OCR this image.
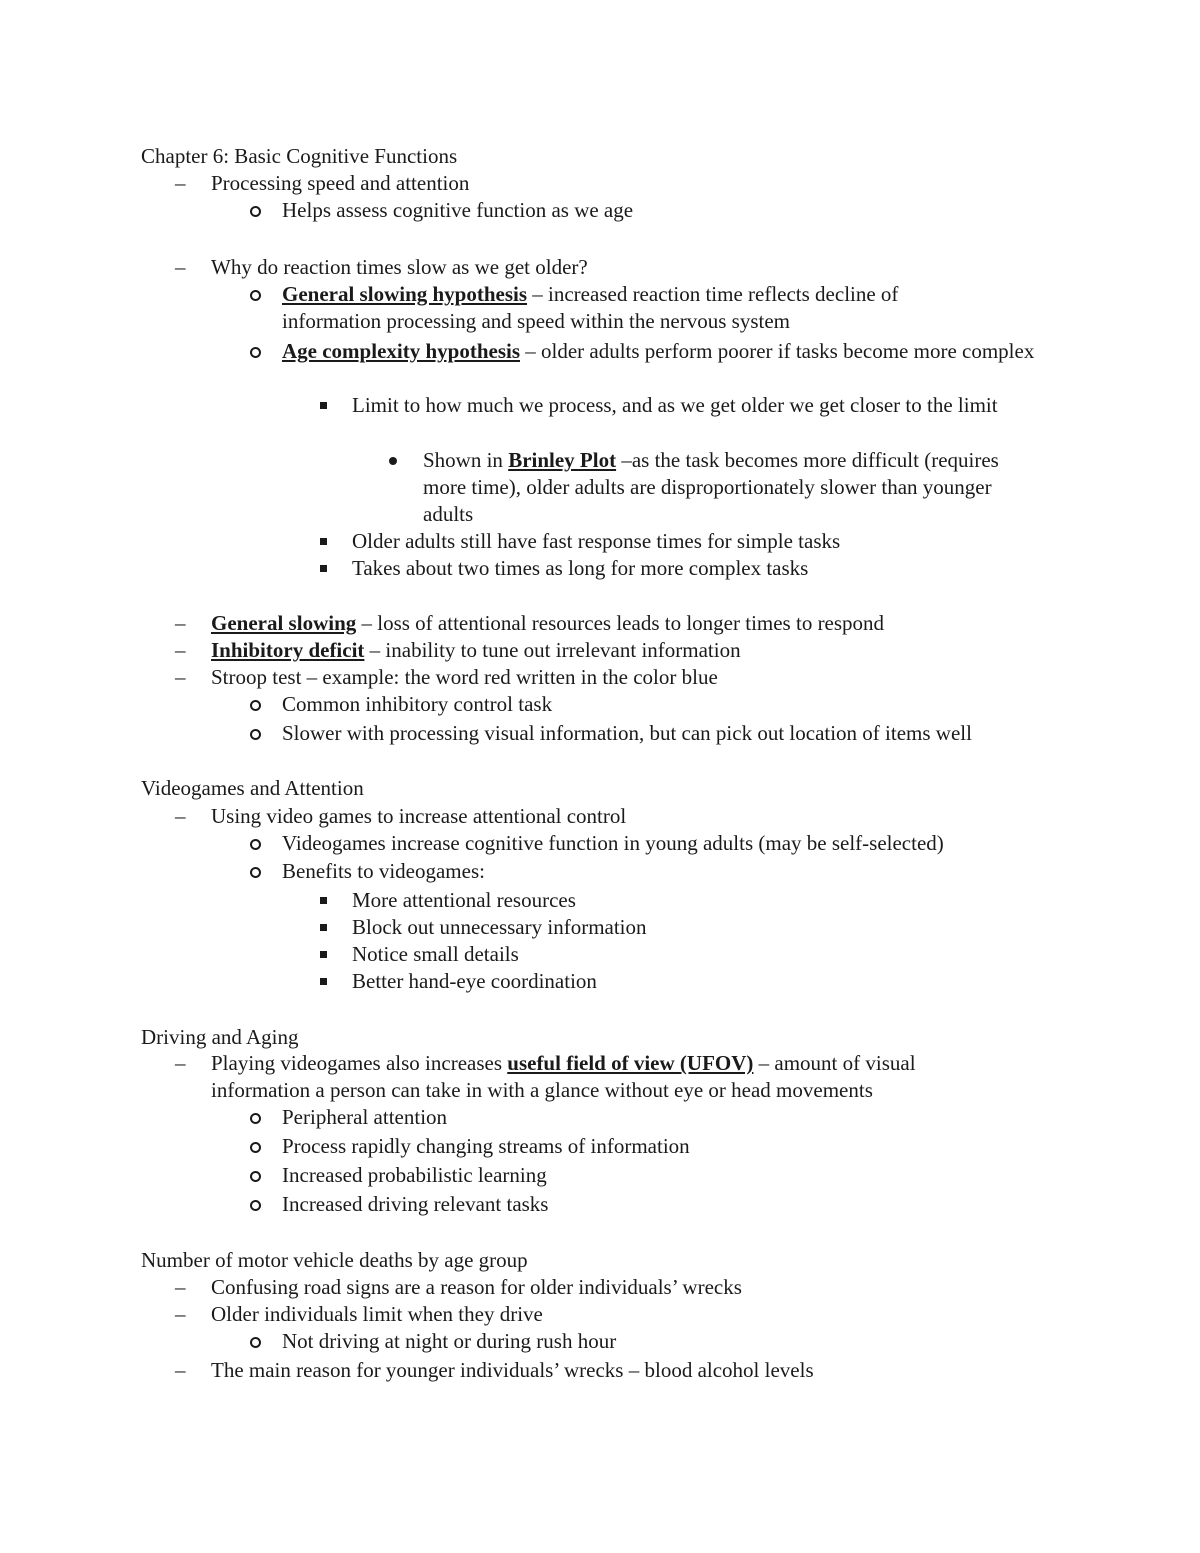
Chapter 6: Basic Cognitive Functions
– Processing speed and attention
Helps assess cognitive function as we age
– Why do reaction times slow as we get older?
General slowing hypothesis – increased reaction time reflects decline of information processing and speed within the nervous system
Age complexity hypothesis – older adults perform poorer if tasks become more complex
Limit to how much we process, and as we get older we get closer to the limit
Shown in Brinley Plot –as the task becomes more difficult (requires more time), older adults are disproportionately slower than younger adults
Older adults still have fast response times for simple tasks
Takes about two times as long for more complex tasks
– General slowing – loss of attentional resources leads to longer times to respond
– Inhibitory deficit – inability to tune out irrelevant information
– Stroop test – example: the word red written in the color blue
Common inhibitory control task
Slower with processing visual information, but can pick out location of items well
Videogames and Attention
– Using video games to increase attentional control
Videogames increase cognitive function in young adults (may be self-selected)
Benefits to videogames:
More attentional resources
Block out unnecessary information
Notice small details
Better hand-eye coordination
Driving and Aging
– Playing videogames also increases useful field of view (UFOV) – amount of visual information a person can take in with a glance without eye or head movements
Peripheral attention
Process rapidly changing streams of information
Increased probabilistic learning
Increased driving relevant tasks
Number of motor vehicle deaths by age group
– Confusing road signs are a reason for older individuals’ wrecks
– Older individuals limit when they drive
Not driving at night or during rush hour
– The main reason for younger individuals’ wrecks – blood alcohol levels
